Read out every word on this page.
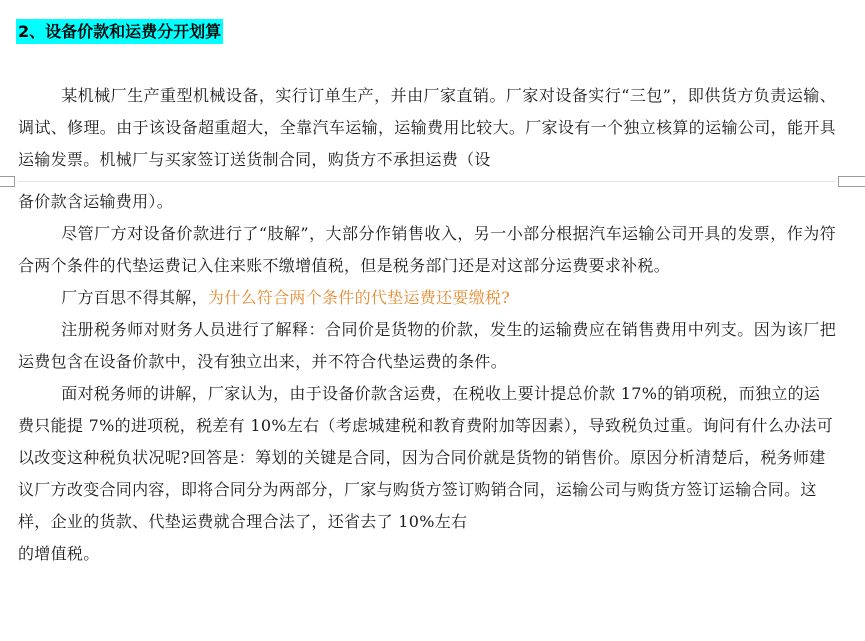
2、设备价款和运费分开划算

某机械厂生产重型机械设备，实行订单生产，并由厂家直销。厂家对设备实行“三包”，即供货方负责运输、调试、修理。由于该设备超重超大，全靠汽车运输，运输费用比较大。厂家设有一个独立核算的运输公司，能开具运输发票。机械厂与买家签订送货制合同，购货方不承担运费（设

备价款含运输费用）。

尽管厂方对设备价款进行了“肢解”，大部分作销售收入，另一小部分根据汽车运输公司开具的发票，作为符合两个条件的代垫运费记入住来账不缴增值税，但是税务部门还是对这部分运费要求补税。

厂方百思不得其解，为什么符合两个条件的代垫运费还要缴税?

注册税务师对财务人员进行了解释：合同价是货物的价款，发生的运输费应在销售费用中列支。因为该厂把运费包含在设备价款中，没有独立出来，并不符合代垫运费的条件。

面对税务师的讲解，厂家认为，由于设备价款含运费，在税收上要计提总价款 17%的销项税，而独立的运费只能提 7%的进项税，税差有 10%左右（考虑城建税和教育费附加等因素），导致税负过重。询问有什么办法可以改变这种税负状况呢?回答是：筹划的关键是合同，因为合同价就是货物的销售价。原因分析清楚后，税务师建议厂方改变合同内容，即将合同分为两部分，厂家与购货方签订购销合同，运输公司与购货方签订运输合同。这样，企业的货款、代垫运费就合理合法了，还省去了 10%左右

的增值税。
